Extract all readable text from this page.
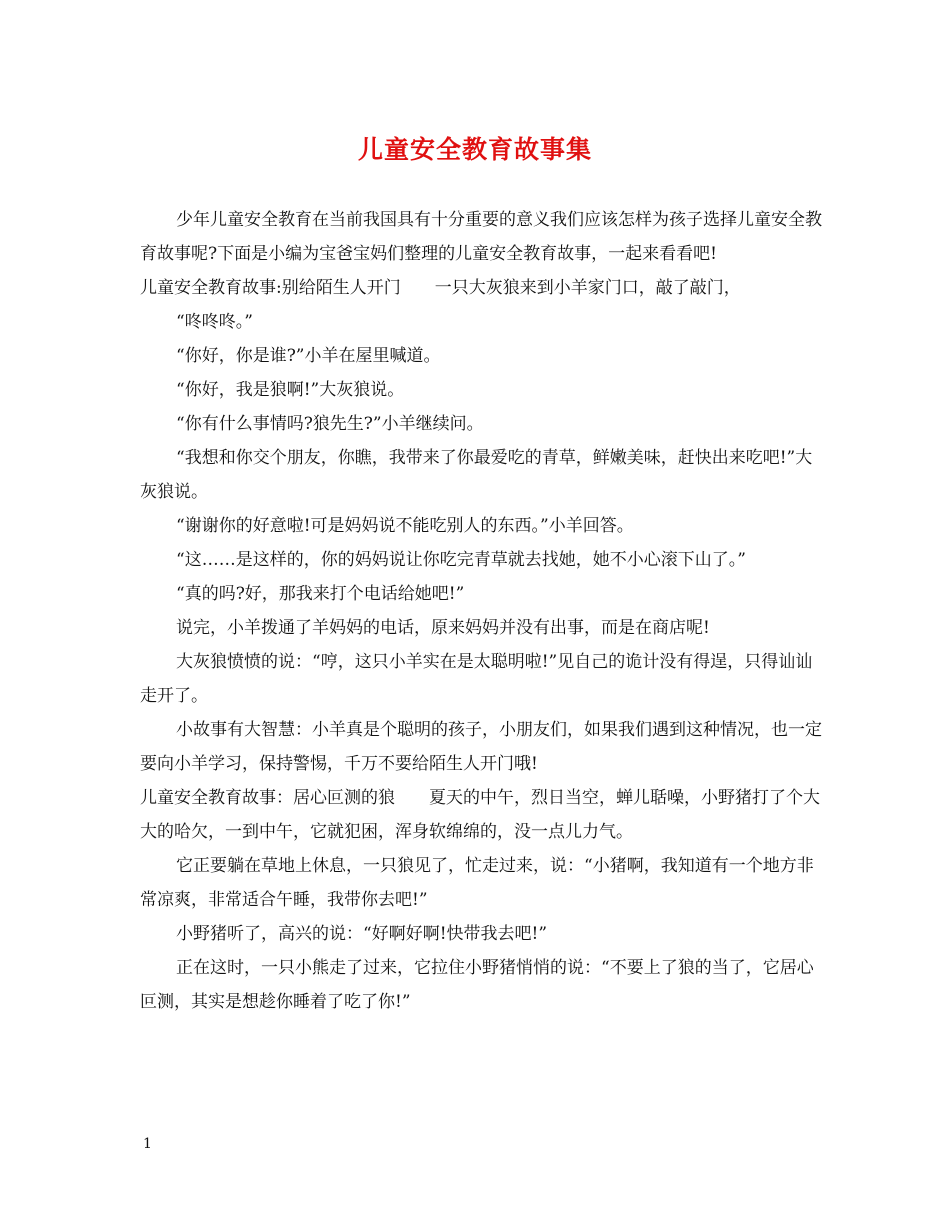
儿童安全教育故事集

少年儿童安全教育在当前我国具有十分重要的意义我们应该怎样为孩子选择儿童安全教育故事呢?下面是小编为宝爸宝妈们整理的儿童安全教育故事，一起来看看吧!

儿童安全教育故事:别给陌生人开门　　一只大灰狼来到小羊家门口，敲了敲门，

“咚咚咚。”

“你好，你是谁?”小羊在屋里喊道。

“你好，我是狼啊!”大灰狼说。

“你有什么事情吗?狼先生?”小羊继续问。

“我想和你交个朋友，你瞧，我带来了你最爱吃的青草，鲜嫩美味，赶快出来吃吧!”大灰狼说。

“谢谢你的好意啦!可是妈妈说不能吃别人的东西。”小羊回答。

“这……是这样的，你的妈妈说让你吃完青草就去找她，她不小心滚下山了。”

“真的吗?好，那我来打个电话给她吧!”

说完，小羊拨通了羊妈妈的电话，原来妈妈并没有出事，而是在商店呢!

大灰狼愤愤的说：“哼，这只小羊实在是太聪明啦!”见自己的诡计没有得逞，只得讪讪走开了。

小故事有大智慧：小羊真是个聪明的孩子，小朋友们，如果我们遇到这种情况，也一定要向小羊学习，保持警惕，千万不要给陌生人开门哦!

儿童安全教育故事：居心叵测的狼　　夏天的中午，烈日当空，蝉儿聒噪，小野猪打了个大大的哈欠，一到中午，它就犯困，浑身软绵绵的，没一点儿力气。

它正要躺在草地上休息，一只狼见了，忙走过来，说：“小猪啊，我知道有一个地方非常凉爽，非常适合午睡，我带你去吧!”

小野猪听了，高兴的说：“好啊好啊!快带我去吧!”

正在这时，一只小熊走了过来，它拉住小野猪悄悄的说：“不要上了狼的当了，它居心叵测，其实是想趁你睡着了吃了你!”

1
